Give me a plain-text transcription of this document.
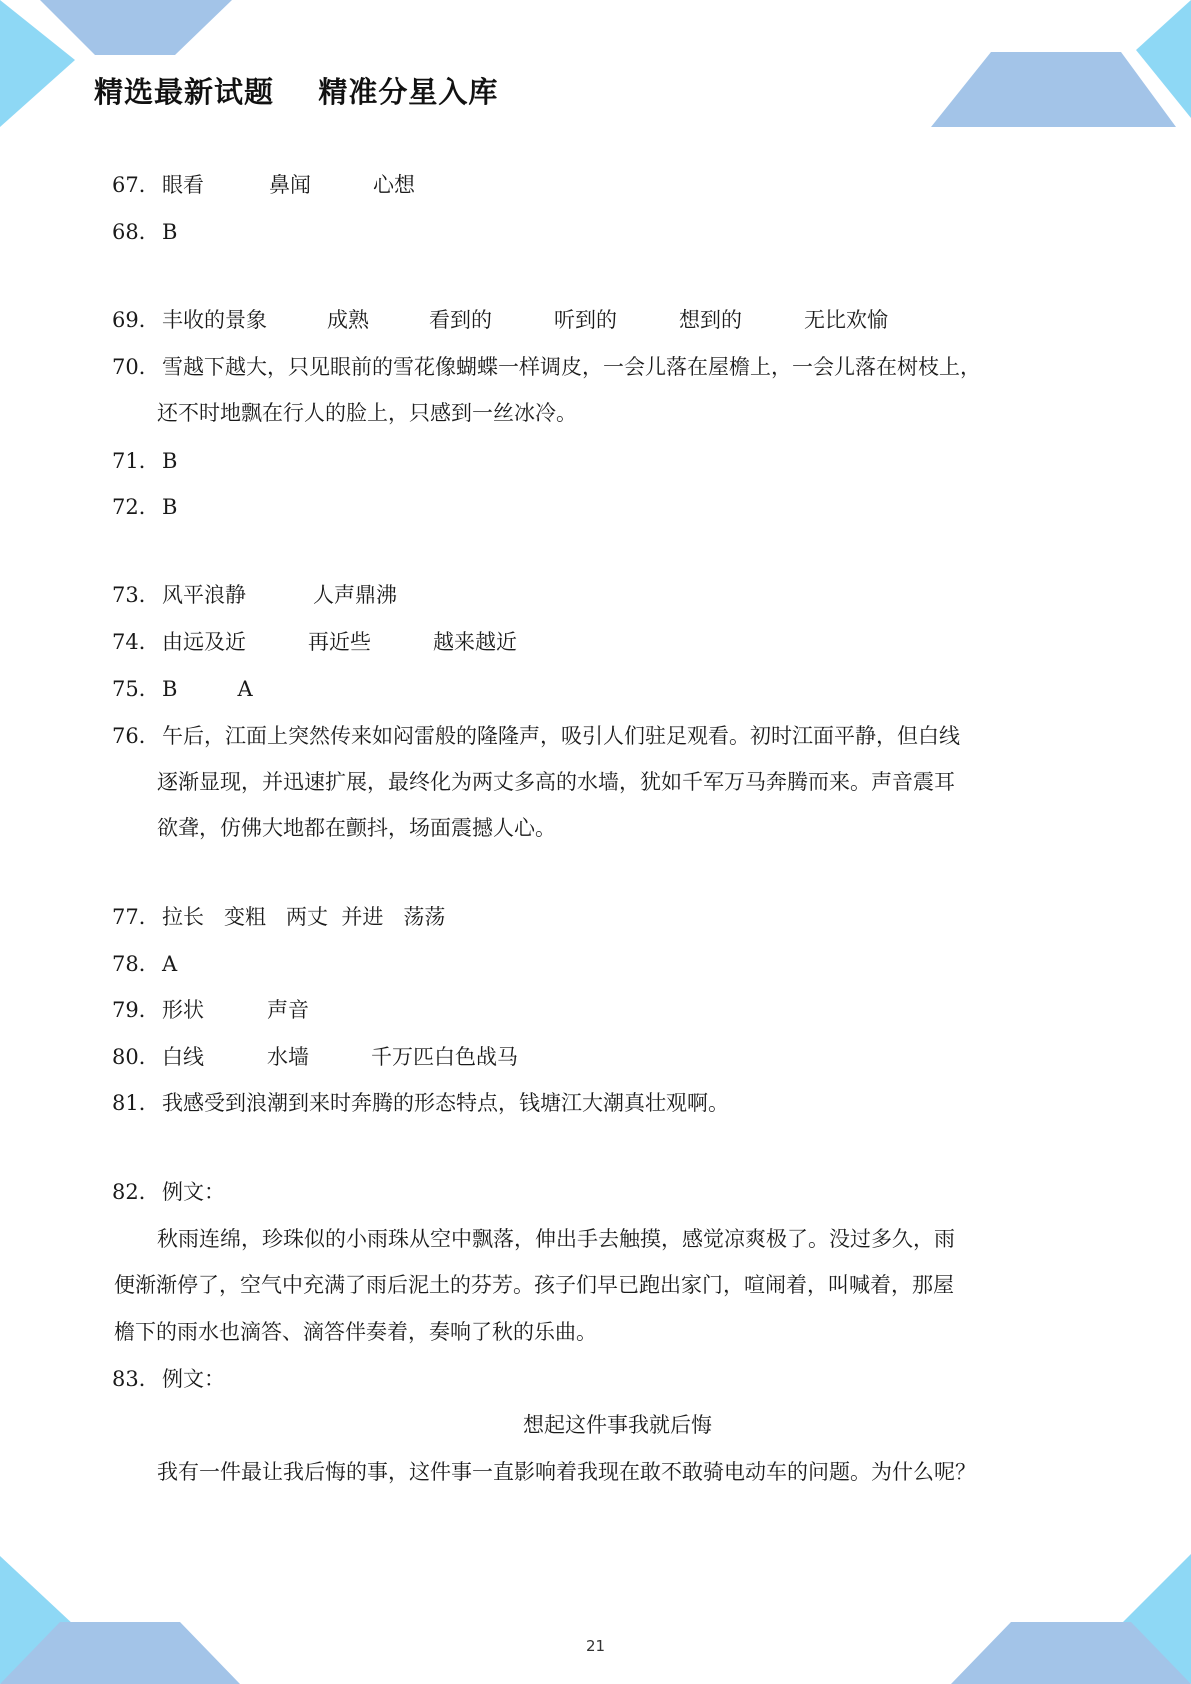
精选最新试题    精准分星入库
67． 眼看	鼻闻	心想
68． B
69． 丰收的景象	成熟	看到的	听到的	想到的	无比欢愉
70． 雪越下越大，只见眼前的雪花像蝴蝶一样调皮，一会儿落在屋檐上，一会儿落在树枝上，
还不时地飘在行人的脸上，只感到一丝冰冷。
71． B
72． B
73． 风平浪静	人声鼎沸
74． 由远及近	再近些	越来越近
75． B	A
76． 午后，江面上突然传来如闷雷般的隆隆声，吸引人们驻足观看。初时江面平静，但白线
逐渐显现，并迅速扩展，最终化为两丈多高的水墙，犹如千军万马奔腾而来。声音震耳
欲聋，仿佛大地都在颤抖，场面震撼人心。
77． 拉长   变粗   两丈  并进   荡荡
78． A
79． 形状	声音
80． 白线	水墙	千万匹白色战马
81． 我感受到浪潮到来时奔腾的形态特点，钱塘江大潮真壮观啊。
82． 例文：
秋雨连绵，珍珠似的小雨珠从空中飘落，伸出手去触摸，感觉凉爽极了。没过多久，雨
便渐渐停了，空气中充满了雨后泥土的芬芳。孩子们早已跑出家门，喧闹着，叫喊着，那屋
檐下的雨水也滴答、滴答伴奏着，奏响了秋的乐曲。
83． 例文：
想起这件事我就后悔
我有一件最让我后悔的事，这件事一直影响着我现在敢不敢骑电动车的问题。为什么呢？
21
